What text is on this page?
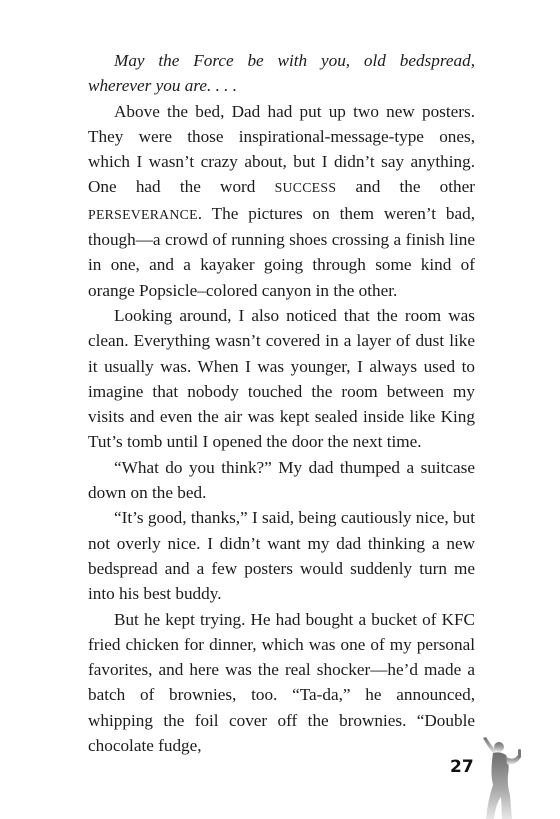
May the Force be with you, old bedspread, wherever you are. . . .

Above the bed, Dad had put up two new posters. They were those inspirational-message-type ones, which I wasn’t crazy about, but I didn’t say anything. One had the word SUCCESS and the other PERSEVERANCE. The pictures on them weren’t bad, though—a crowd of running shoes crossing a finish line in one, and a kayaker going through some kind of orange Popsicle–colored canyon in the other.

Looking around, I also noticed that the room was clean. Everything wasn’t covered in a layer of dust like it usually was. When I was younger, I always used to imagine that nobody touched the room between my visits and even the air was kept sealed inside like King Tut’s tomb until I opened the door the next time.

“What do you think?” My dad thumped a suitcase down on the bed.

“It’s good, thanks,” I said, being cautiously nice, but not overly nice. I didn’t want my dad thinking a new bedspread and a few posters would suddenly turn me into his best buddy.

But he kept trying. He had bought a bucket of KFC fried chicken for dinner, which was one of my personal favorites, and here was the real shocker—he’d made a batch of brownies, too. “Ta-da,” he announced, whipping the foil cover off the brownies. “Double chocolate fudge,

27
